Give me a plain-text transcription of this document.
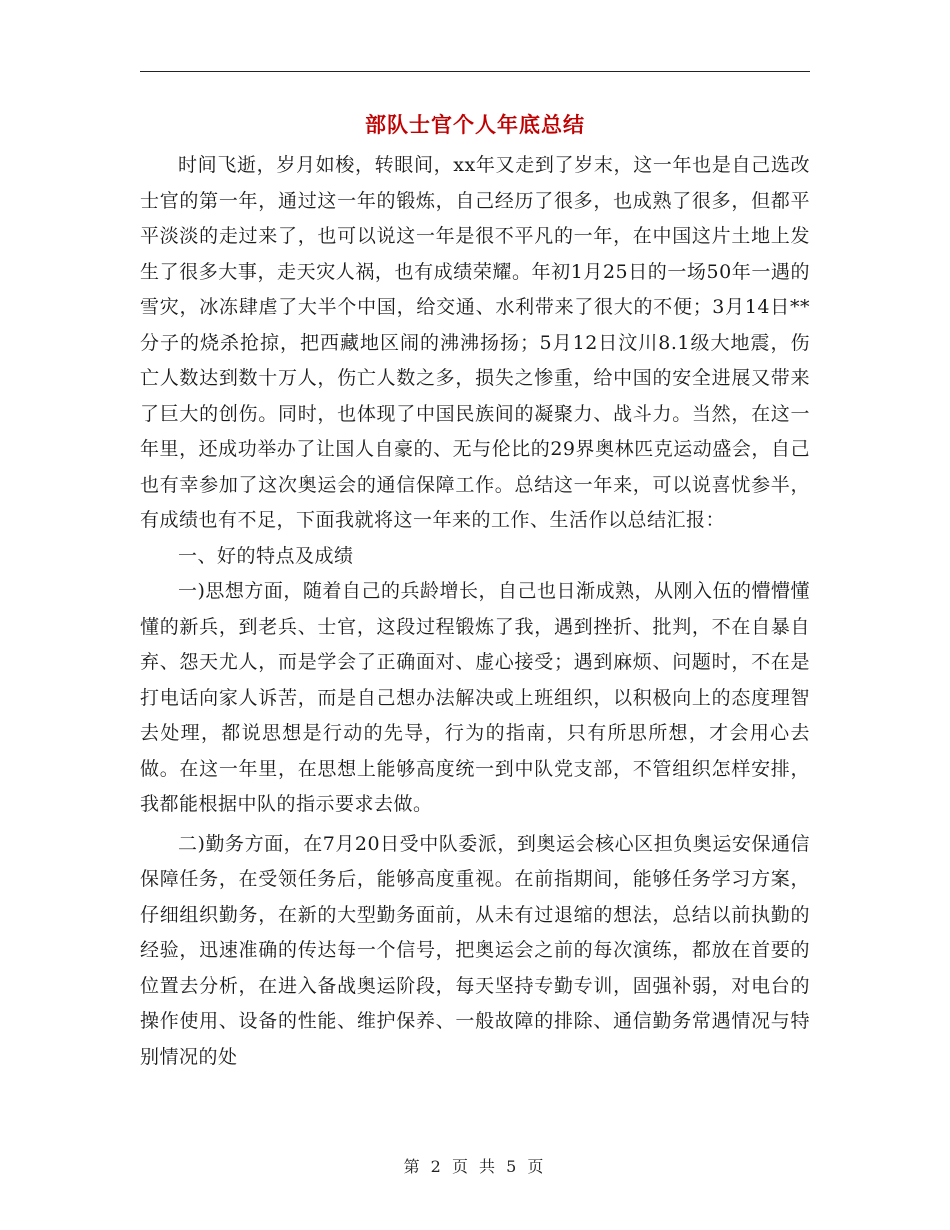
部队士官个人年底总结

时间飞逝，岁月如梭，转眼间，xx年又走到了岁末，这一年也是自己选改士官的第一年，通过这一年的锻炼，自己经历了很多，也成熟了很多，但都平平淡淡的走过来了，也可以说这一年是很不平凡的一年，在中国这片土地上发生了很多大事，走天灾人祸，也有成绩荣耀。年初1月25日的一场50年一遇的雪灾，冰冻肆虐了大半个中国，给交通、水利带来了很大的不便；3月14日**分子的烧杀抢掠，把西藏地区闹的沸沸扬扬；5月12日汶川8.1级大地震，伤亡人数达到数十万人，伤亡人数之多，损失之惨重，给中国的安全进展又带来了巨大的创伤。同时，也体现了中国民族间的凝聚力、战斗力。当然，在这一年里，还成功举办了让国人自豪的、无与伦比的29界奥林匹克运动盛会，自己也有幸参加了这次奥运会的通信保障工作。总结这一年来，可以说喜忧参半，有成绩也有不足，下面我就将这一年来的工作、生活作以总结汇报：

一、好的特点及成绩

一)思想方面，随着自己的兵龄增长，自己也日渐成熟，从刚入伍的懵懵懂懂的新兵，到老兵、士官，这段过程锻炼了我，遇到挫折、批判，不在自暴自弃、怨天尤人，而是学会了正确面对、虚心接受；遇到麻烦、问题时，不在是打电话向家人诉苦，而是自己想办法解决或上班组织，以积极向上的态度理智去处理，都说思想是行动的先导，行为的指南，只有所思所想，才会用心去做。在这一年里，在思想上能够高度统一到中队党支部，不管组织怎样安排，我都能根据中队的指示要求去做。

二)勤务方面，在7月20日受中队委派，到奥运会核心区担负奥运安保通信保障任务，在受领任务后，能够高度重视。在前指期间，能够任务学习方案，仔细组织勤务，在新的大型勤务面前，从未有过退缩的想法，总结以前执勤的经验，迅速准确的传达每一个信号，把奥运会之前的每次演练，都放在首要的位置去分析，在进入备战奥运阶段，每天坚持专勤专训，固强补弱，对电台的操作使用、设备的性能、维护保养、一般故障的排除、通信勤务常遇情况与特别情况的处

第 2 页 共 5 页
